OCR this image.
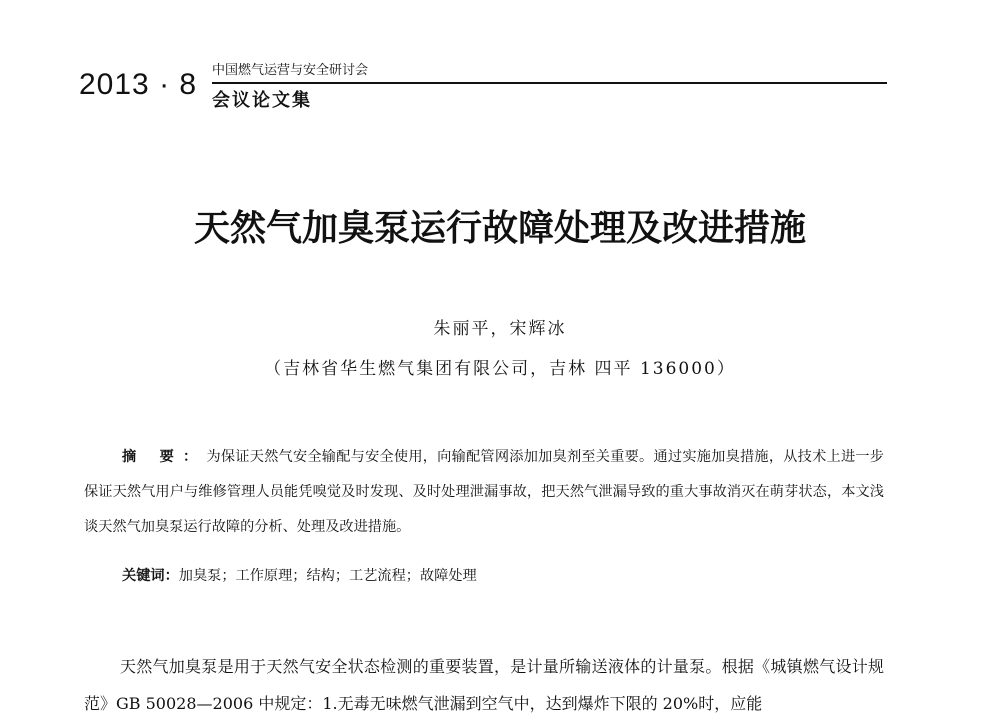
2013 · 8 中国燃气运营与安全研讨会
会议论文集
天然气加臭泵运行故障处理及改进措施
朱丽平，宋辉冰
（吉林省华生燃气集团有限公司，吉林 四平 136000）
摘 要：为保证天然气安全输配与安全使用，向输配管网添加加臭剂至关重要。通过实施加臭措施，从技术上进一步保证天然气用户与维修管理人员能凭嗅觉及时发现、及时处理泄漏事故，把天然气泄漏导致的重大事故消灭在萌芽状态，本文浅谈天然气加臭泵运行故障的分析、处理及改进措施。
关键词：加臭泵；工作原理；结构；工艺流程；故障处理
天然气加臭泵是用于天然气安全状态检测的重要装置，是计量所输送液体的计量泵。根据《城镇燃气设计规范》GB 50028—2006 中规定：1.无毒无味燃气泄漏到空气中，达到爆炸下限的 20%时，应能
